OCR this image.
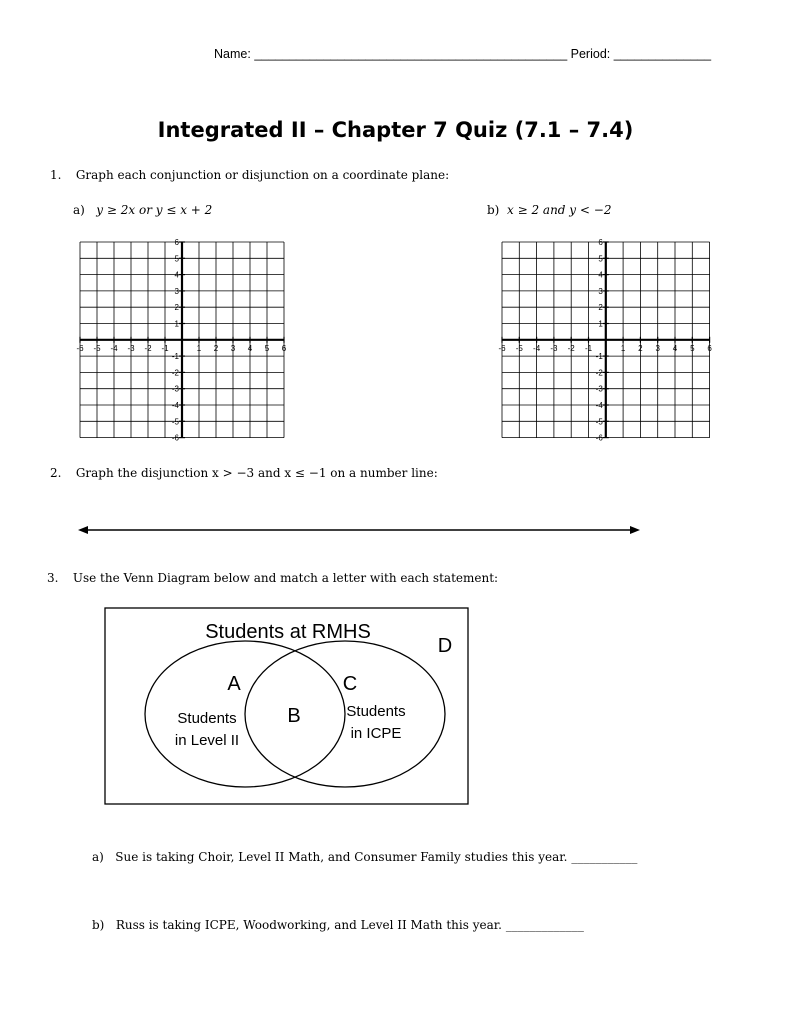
Name: _____________________________________________ Period: ______________
Integrated II – Chapter 7 Quiz (7.1 – 7.4)
1. Graph each conjunction or disjunction on a coordinate plane:
a) y ≥ 2x or y ≤ x + 2	b) x ≥ 2 and y < −2
-6 -5 -4 -3 -2 -1	1 2 3 4 5 6
6
5
4
3
2
1
-1
-2
-3
-4
-5
-6
-6 -5 -4 -3 -2 -1	1 2 3 4 5 6
6
5
4
3
2
1
-1
-2
-3
-4
-5
-6
2. Graph the disjunction x > −3 and x ≤ −1 on a number line:
3. Use the Venn Diagram below and match a letter with each statement:
Students at RMHS
D
A	C
B
Students
in Level II
Students
in ICPE
a) Sue is taking Choir, Level II Math, and Consumer Family studies this year. ___________
b) Russ is taking ICPE, Woodworking, and Level II Math this year. _____________
